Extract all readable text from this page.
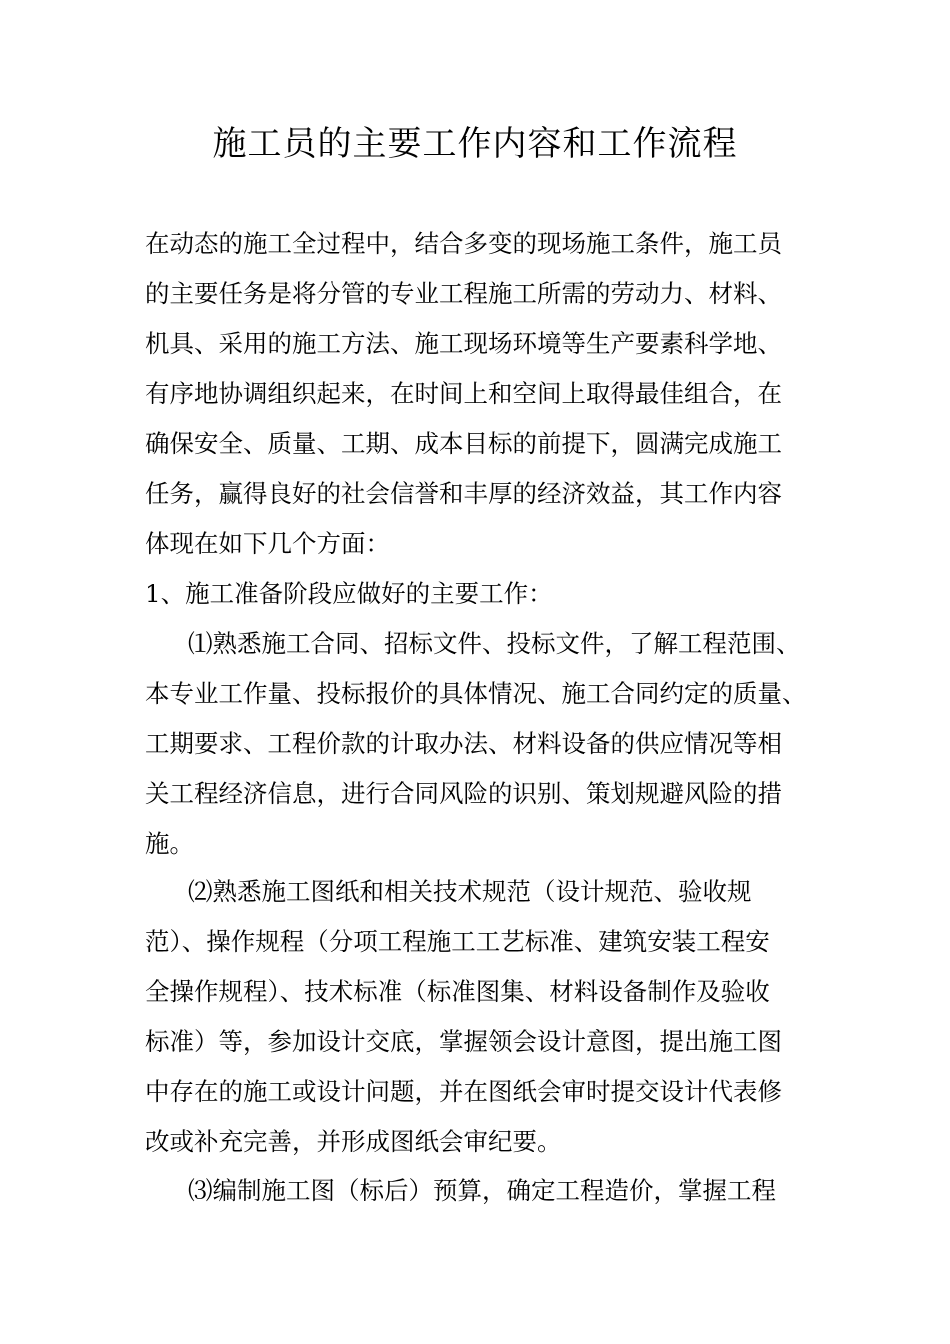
施工员的主要工作内容和工作流程
在动态的施工全过程中，结合多变的现场施工条件，施工员
的主要任务是将分管的专业工程施工所需的劳动力、材料、
机具、采用的施工方法、施工现场环境等生产要素科学地、
有序地协调组织起来，在时间上和空间上取得最佳组合，在
确保安全、质量、工期、成本目标的前提下，圆满完成施工
任务，赢得良好的社会信誉和丰厚的经济效益，其工作内容
体现在如下几个方面：
1、施工准备阶段应做好的主要工作：
⑴熟悉施工合同、招标文件、投标文件，了解工程范围、
本专业工作量、投标报价的具体情况、施工合同约定的质量、
工期要求、工程价款的计取办法、材料设备的供应情况等相
关工程经济信息，进行合同风险的识别、策划规避风险的措
施。
⑵熟悉施工图纸和相关技术规范（设计规范、验收规
范）、操作规程（分项工程施工工艺标准、建筑安装工程安
全操作规程）、技术标准（标准图集、材料设备制作及验收
标准）等，参加设计交底，掌握领会设计意图，提出施工图
中存在的施工或设计问题，并在图纸会审时提交设计代表修
改或补充完善，并形成图纸会审纪要。
⑶编制施工图（标后）预算，确定工程造价，掌握工程
